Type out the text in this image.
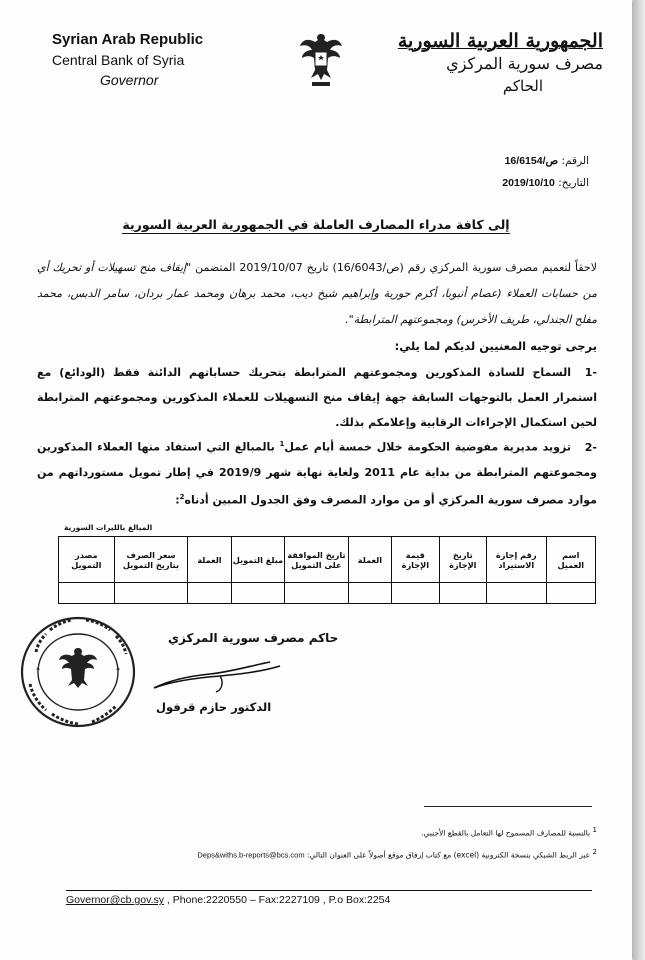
Syrian Arab Republic
Central Bank of Syria
Governor
الجمهورية العربية السورية
مصرف سورية المركزي
الحاكم
الرقم: ص/16/6154
التاريخ: 2019/10/10
إلى كافة مدراء المصارف العاملة في الجمهورية العربية السورية
لاحقاً لتعميم مصرف سورية المركزي رقم (ص/16/6043) تاريخ 2019/10/07 المتضمن "إيقاف منح تسهيلات أو تحريك أي من حسابات العملاء (عصام أنبوبا، أكرم حورية وإبراهيم شيخ ديب، محمد برهان ومحمد عمار بردان، سامر الدبس، محمد مفلح الجندلي، طريف الأخرس) ومجموعتهم المترابطة".
يرجى توجيه المعنيين لديكم لما يلي:
-1السماح للسادة المذكورين ومجموعتهم المترابطة بتحريك حساباتهم الدائنة فقط (الودائع) مع استمرار العمل بالتوجهات السابقة جهة إيقاف منح التسهيلات للعملاء المذكورين ومجموعتهم المترابطة لحين استكمال الإجراءات الرقابية وإعلامكم بذلك.
-2تزويد مديرية مفوضية الحكومة خلال خمسة أيام عمل$^1$ بالمبالغ التي استفاد منها العملاء المذكورين ومجموعتهم المترابطة من بداية عام 2011 ولغاية نهاية شهر 2019/9 في إطار تمويل مستورداتهم من موارد مصرف سورية المركزي أو من موارد المصرف وفق الجدول المبين أدناه$^2$:
المبالغ بالليرات السورية
اسم العميل	رقم إجازة الاستيراد	تاريخ الإجازة	قيمة الإجازة	العملة	تاريخ الموافقة على التمويل	مبلغ التمويل	العملة	سعر الصرف بتاريخ التمويل	مصدر التمويل

حاكم مصرف سورية المركزي
الدكتور حازم قرفول
1 بالنسبة للمصارف المسموح لها التعامل بالقطع الأجنبي.
2 عبر الربط الشبكي بنسخة الكترونية (excel) مع كتاب إرفاق موقع أصولاً على العنوان التالي: Deps&withs.b-reports@bcs.com
Governor@cb.gov.sy , Phone:2220550 – Fax:2227109 , P.o Box:2254
